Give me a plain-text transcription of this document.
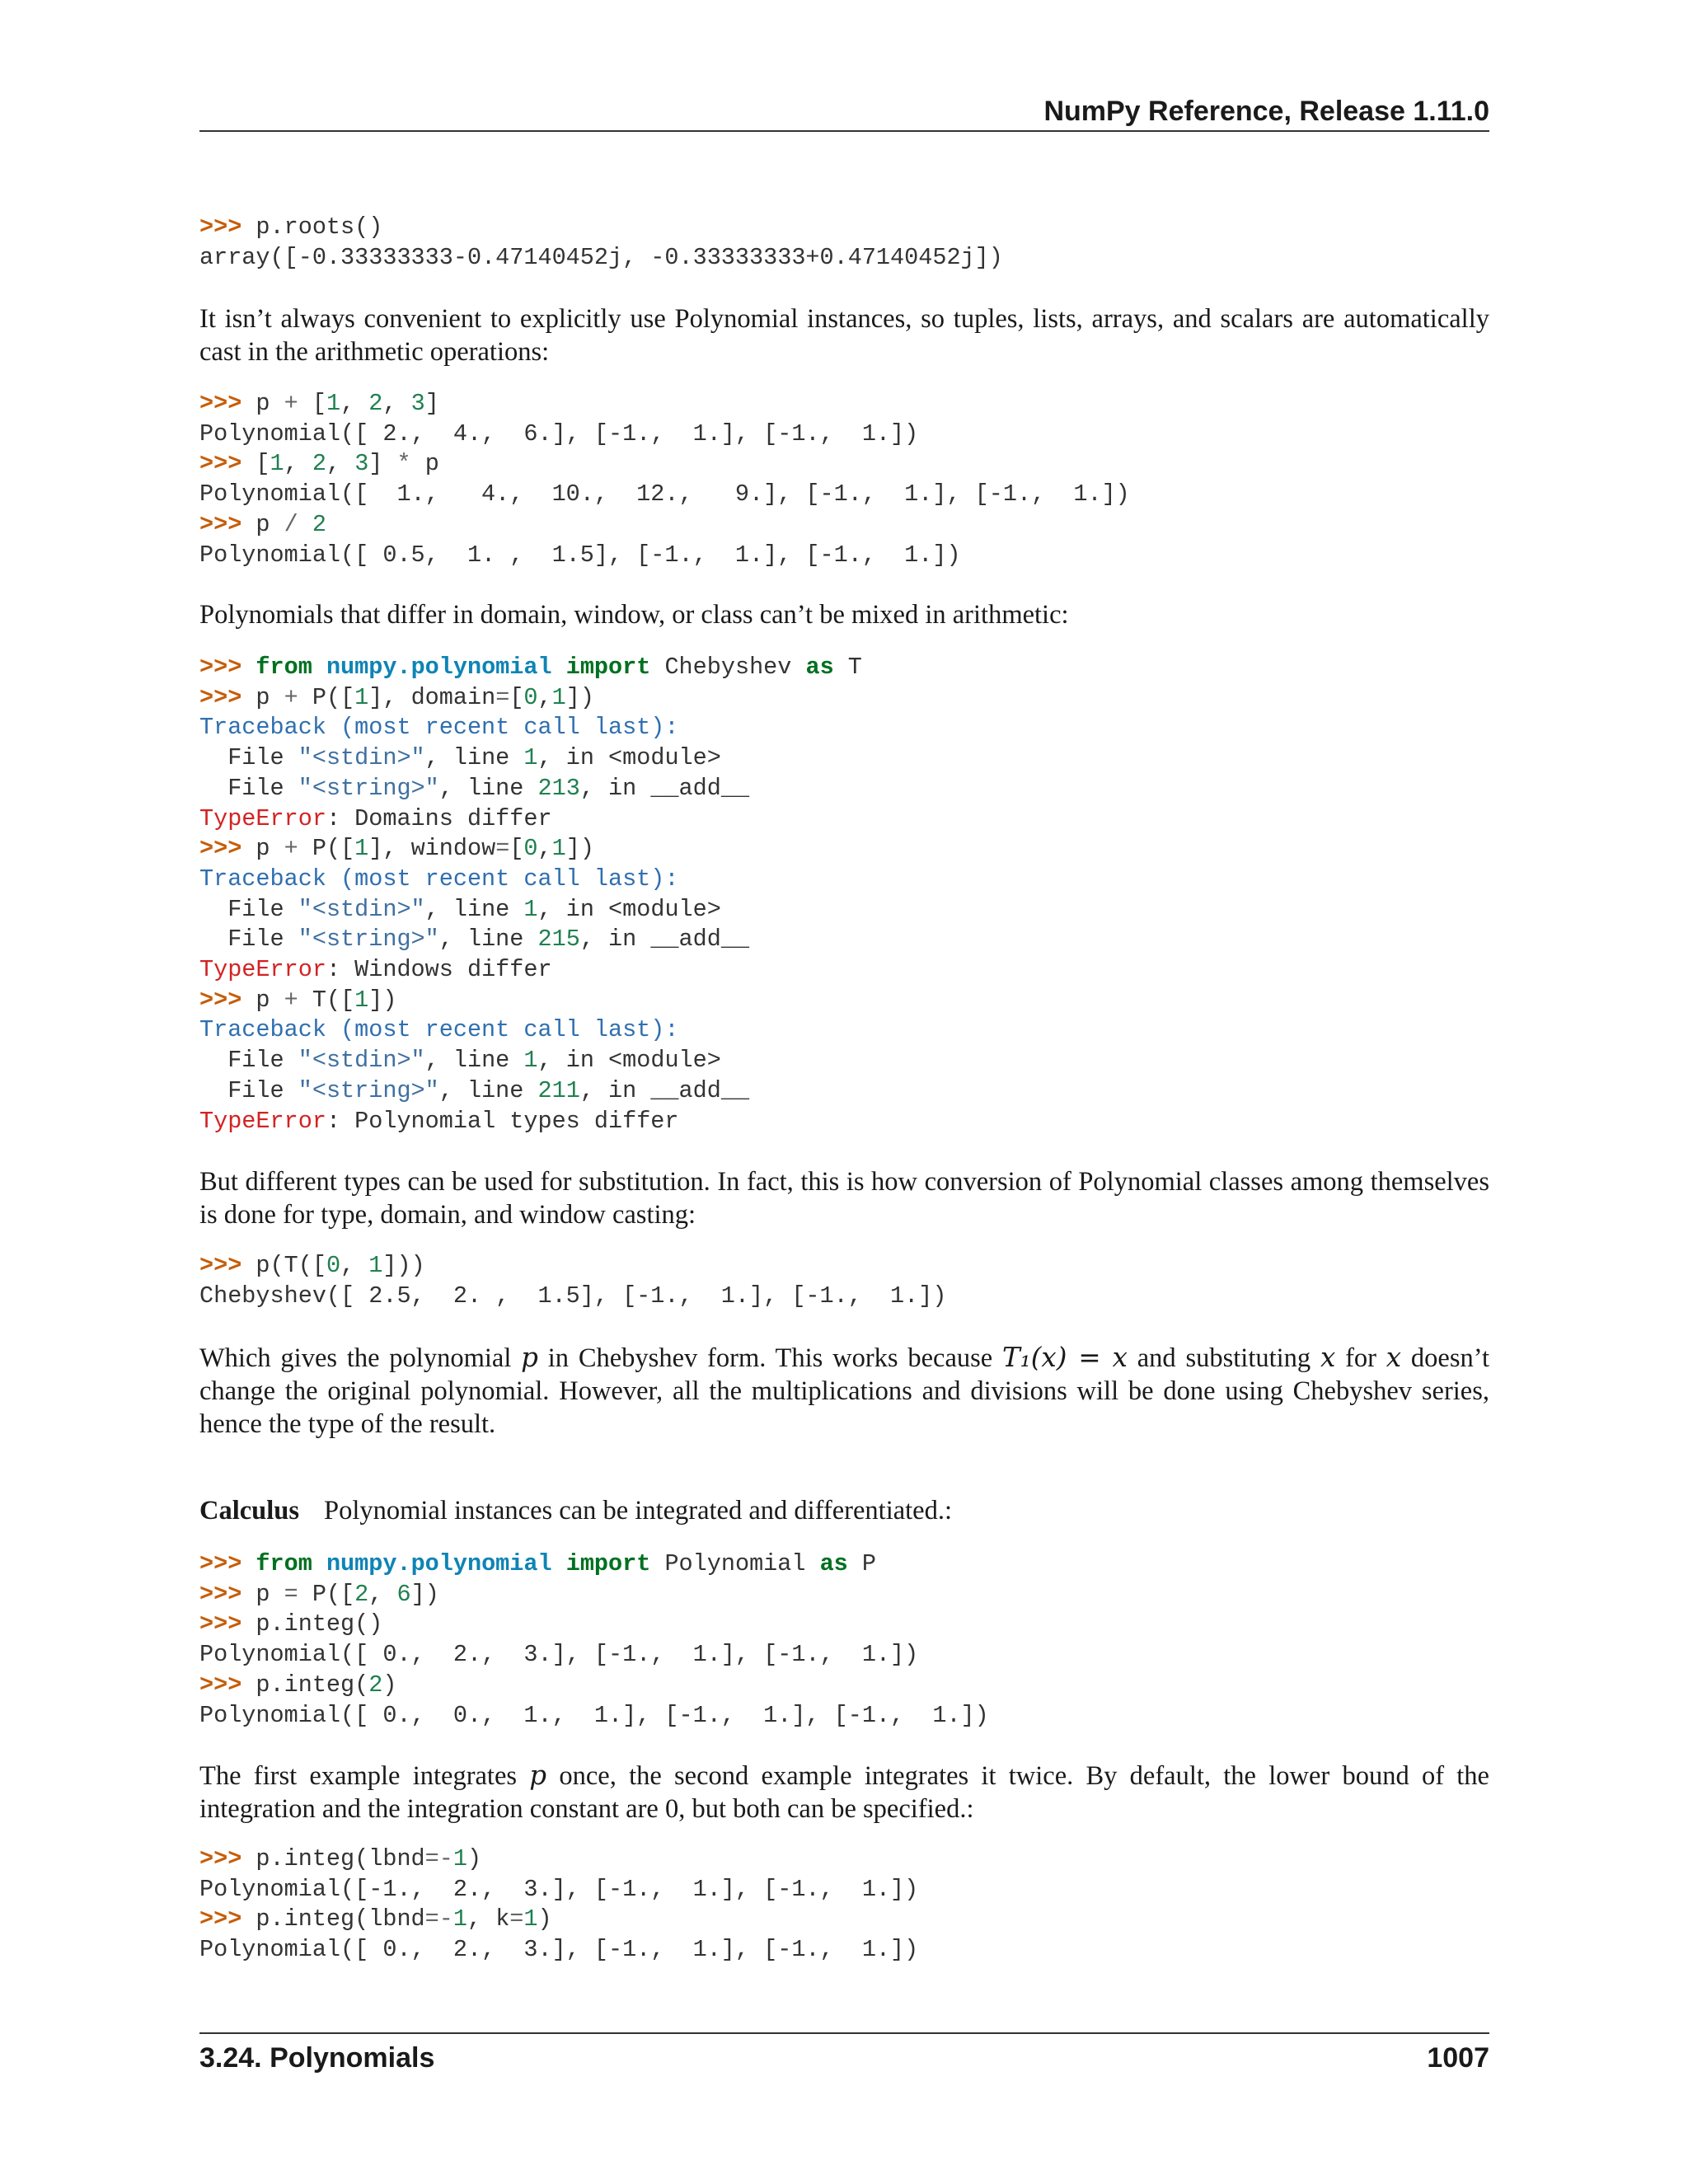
NumPy Reference, Release 1.11.0
>>> p.roots()
array([-0.33333333-0.47140452j, -0.33333333+0.47140452j])

It isn’t always convenient to explicitly use Polynomial instances, so tuples, lists, arrays, and scalars are automatically cast in the arithmetic operations:

>>> p + [1, 2, 3]
Polynomial([ 2.,  4.,  6.], [-1.,  1.], [-1.,  1.])
>>> [1, 2, 3] * p
Polynomial([  1.,   4.,  10.,  12.,   9.], [-1.,  1.], [-1.,  1.])
>>> p / 2
Polynomial([ 0.5,  1. ,  1.5], [-1.,  1.], [-1.,  1.])

Polynomials that differ in domain, window, or class can’t be mixed in arithmetic:

>>> from numpy.polynomial import Chebyshev as T
>>> p + P([1], domain=[0,1])
Traceback (most recent call last):
File "<stdin>", line 1, in <module>
File "<string>", line 213, in __add__
TypeError: Domains differ
>>> p + P([1], window=[0,1])
Traceback (most recent call last):
File "<stdin>", line 1, in <module>
File "<string>", line 215, in __add__
TypeError: Windows differ
>>> p + T([1])
Traceback (most recent call last):
File "<stdin>", line 1, in <module>
File "<string>", line 211, in __add__
TypeError: Polynomial types differ

But different types can be used for substitution. In fact, this is how conversion of Polynomial classes among themselves is done for type, domain, and window casting:

>>> p(T([0, 1]))
Chebyshev([ 2.5,  2. ,  1.5], [-1.,  1.], [-1.,  1.])

Which gives the polynomial p in Chebyshev form. This works because T₁(x) = x and substituting x for x doesn’t change the original polynomial. However, all the multiplications and divisions will be done using Chebyshev series, hence the type of the result.

Calculus Polynomial instances can be integrated and differentiated.:

>>> from numpy.polynomial import Polynomial as P
>>> p = P([2, 6])
>>> p.integ()
Polynomial([ 0.,  2.,  3.], [-1.,  1.], [-1.,  1.])
>>> p.integ(2)
Polynomial([ 0.,  0.,  1.,  1.], [-1.,  1.], [-1.,  1.])

The first example integrates p once, the second example integrates it twice. By default, the lower bound of the integration and the integration constant are 0, but both can be specified.:

>>> p.integ(lbnd=-1)
Polynomial([-1.,  2.,  3.], [-1.,  1.], [-1.,  1.])
>>> p.integ(lbnd=-1, k=1)
Polynomial([ 0.,  2.,  3.], [-1.,  1.], [-1.,  1.])
3.24. Polynomials	1007
